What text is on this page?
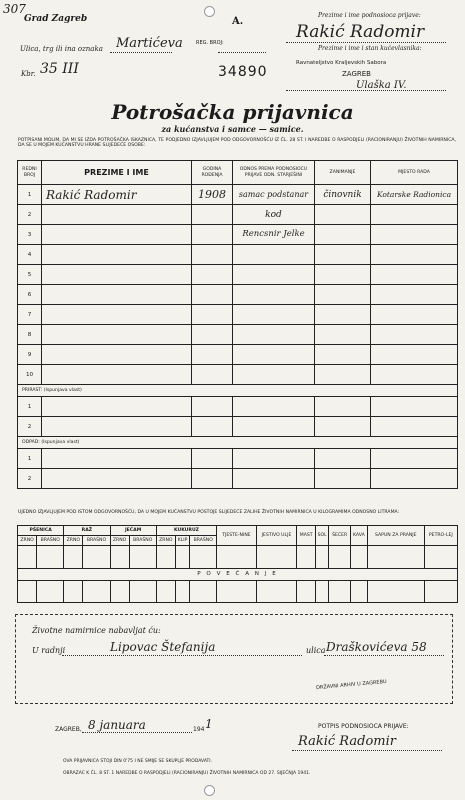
307
Grad Zagreb
Ulica, trg ili ina oznaka Martićeva
Kbr. 35 III
A.
REG. BROJ:
34890
Prezime i ime podnosioca prijave:
Rakić Radomir
Prezime i ime i stan kućevlasnika:
Ravnateljstvo Kraljevskih Sabora
ZAGREB
Ulaška IV.
Potrošačka prijavnica
za kućanstva i samce — samice.
POTPISANI MOLIM, DA MI SE IZDA POTROŠAČKA ISKAZNICA, TE PODJEDNO IZJAVLJUJEM POD ODGOVORNOŠĆU IZ ČL. 28 ST. I NAREDBE O RASPODJELI (RACIONIRANJU) ŽIVOTNIH NAMIRNICA, DA SE U MOJEM KUĆANSTVU HRANE SLIJEDEĆE OSOBE:
REDNI BROJ	PREZIME I IME	GODINA ROĐENJA	ODNOS PREMA PODNOSIOCU PRIJAVE ODN. STARJEŠINI	ZANIMANJE	MJESTO RADA
1	Rakić Radomir	1908	samac podstanar	činovnik	Kotarske Radionica
2			kod		
3			Rencsnir Jelke		
4					
5					
6					
7					
8					
9					
10					
PRIRAST: (Ispunjava vlast)					
1					
2					
ODPAD: (Ispunjava vlast)					
1					
2					
UJEDNO IZJAVLJUJEM POD ISTOM ODGOVORNOŠĆU, DA U MOJEM KUĆANSTVU POSTOJE SLIJEDEĆE ZALIHE ŽIVOTNIH NAMIRNICA U KILOGRAMIMA ODNOSNO LITRAMA:
PŠENICA		RAŽ		JEČAM		KUKURUZ			TJESTE-NINE	JESTIVO ULJE	MAST	SOL	ŠEĆER	KAVA	SAPUN ZA PRANJE	PETRO-LEJ
ZRNO	BRAŠNO	ZRNO	BRAŠNO	ZRNO	BRAŠNO	ZRNO	KLIP	BRAŠNO								

P O V E Ć A N J E																

Životne namirnice nabavljat ću:
U radnji	Lipovac Štefanija	ulica Draškovićeva 58
DRŽAVNI ARHIV U ZAGREBU
ZAGREB, 8 januara	194 1	POTPIS PODNOSIOCA PRIJAVE:
Rakić Radomir
OVA PRIJAVNICA STOJI DIN 0'75 I NE SMIJE SE SKUPLJE PRODAVATI.
OBRAZAC K ČL. 8 ST. 1 NAREDBE O RASPODJELI (RACIONIRANJU) ŽIVOTNIH NAMIRNICA OD 27. SIJEČNJA 1941.
